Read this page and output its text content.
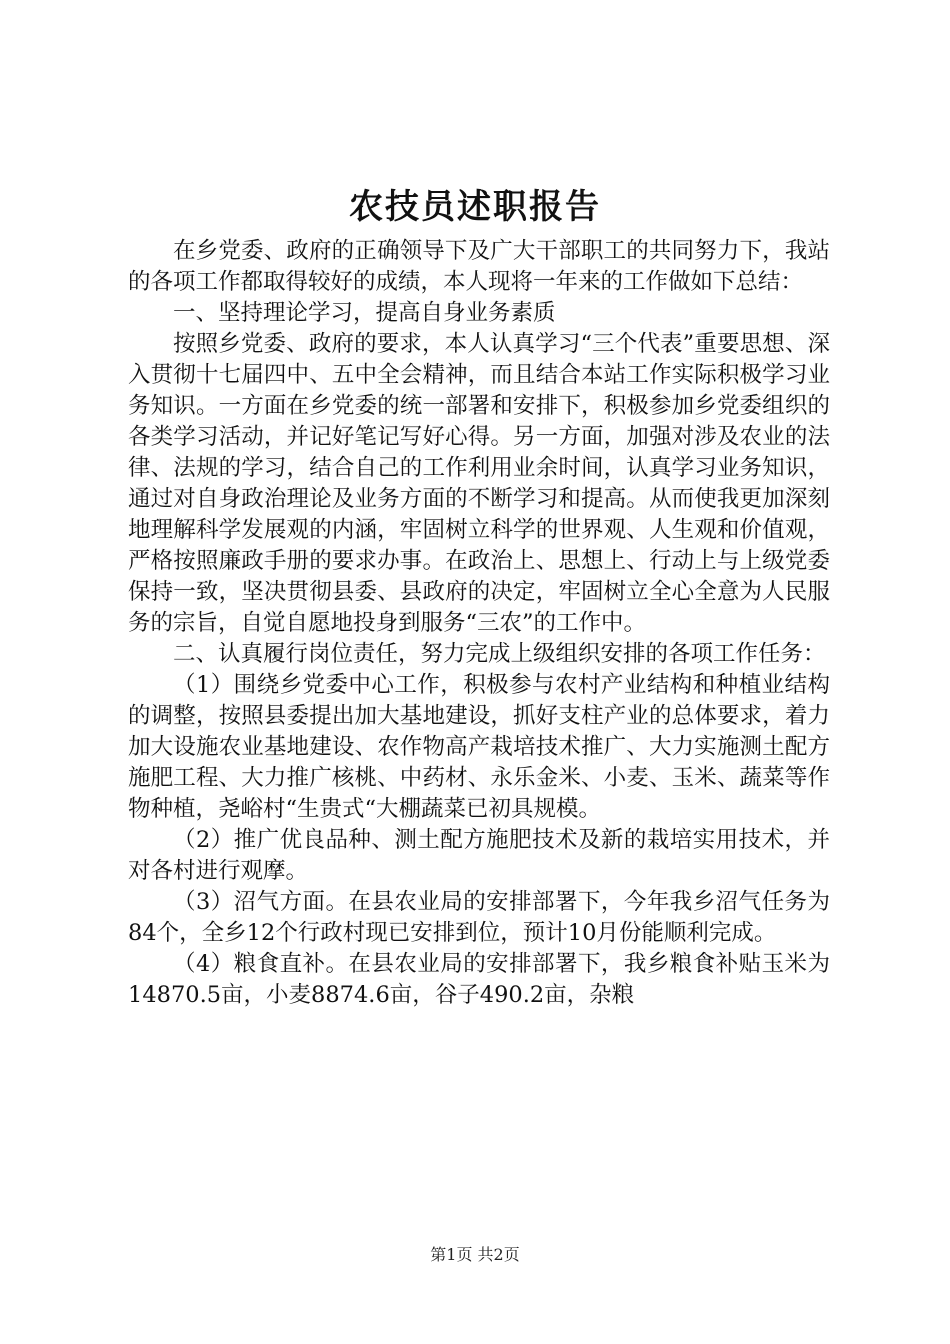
农技员述职报告

在乡党委、政府的正确领导下及广大干部职工的共同努力下，我站的各项工作都取得较好的成绩，本人现将一年来的工作做如下总结：

一、坚持理论学习，提高自身业务素质

按照乡党委、政府的要求，本人认真学习“三个代表”重要思想、深入贯彻十七届四中、五中全会精神，而且结合本站工作实际积极学习业务知识。一方面在乡党委的统一部署和安排下，积极参加乡党委组织的各类学习活动，并记好笔记写好心得。另一方面，加强对涉及农业的法律、法规的学习，结合自己的工作利用业余时间，认真学习业务知识，通过对自身政治理论及业务方面的不断学习和提高。从而使我更加深刻地理解科学发展观的内涵，牢固树立科学的世界观、人生观和价值观，严格按照廉政手册的要求办事。在政治上、思想上、行动上与上级党委保持一致，坚决贯彻县委、县政府的决定，牢固树立全心全意为人民服务的宗旨，自觉自愿地投身到服务“三农”的工作中。

二、认真履行岗位责任，努力完成上级组织安排的各项工作任务：

（1）围绕乡党委中心工作，积极参与农村产业结构和种植业结构的调整，按照县委提出加大基地建设，抓好支柱产业的总体要求，着力加大设施农业基地建设、农作物高产栽培技术推广、大力实施测土配方施肥工程、大力推广核桃、中药材、永乐金米、小麦、玉米、蔬菜等作物种植，尧峪村“生贵式“大棚蔬菜已初具规模。

（2）推广优良品种、测土配方施肥技术及新的栽培实用技术，并对各村进行观摩。

（3）沼气方面。在县农业局的安排部署下，今年我乡沼气任务为84个，全乡12个行政村现已安排到位，预计10月份能顺利完成。

（4）粮食直补。在县农业局的安排部署下，我乡粮食补贴玉米为14870.5亩，小麦8874.6亩，谷子490.2亩，杂粮

第1页 共2页
